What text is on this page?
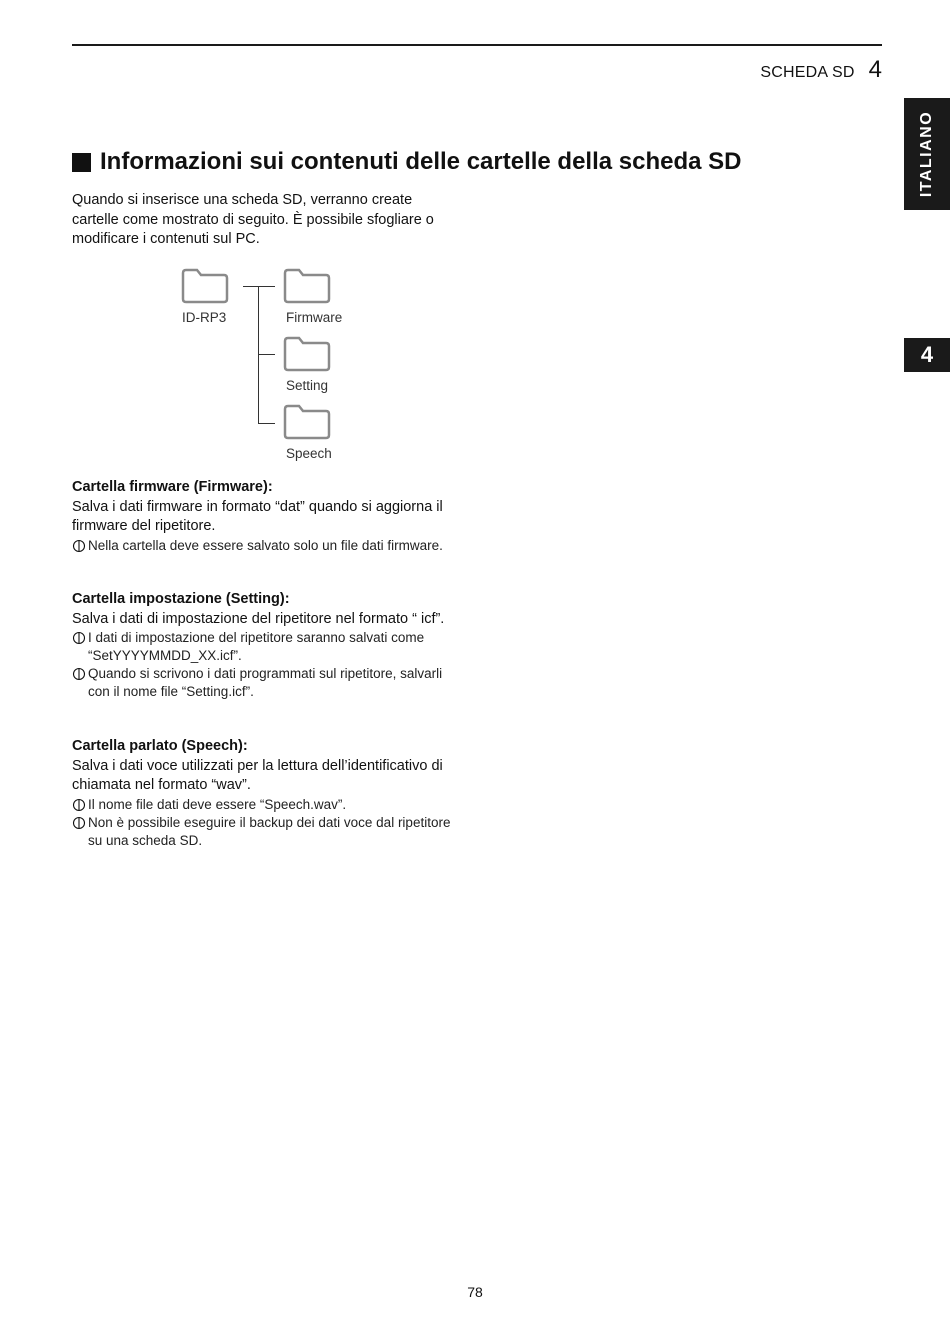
SCHEDA SD 4
ITALIANO
4
Informazioni sui contenuti delle cartelle della scheda SD

Quando si inserisce una scheda SD, verranno create cartelle come mostrato di seguito. È possibile sfogliare o modificare i contenuti sul PC.

ID-RP3	Firmware
Setting
Speech

Cartella firmware (Firmware):

Salva i dati firmware in formato “dat” quando si aggiorna il firmware del ripetitore.

Nella cartella deve essere salvato solo un file dati firmware.

Cartella impostazione (Setting):

Salva i dati di impostazione del ripetitore nel formato “ icf”.

I dati di impostazione del ripetitore saranno salvati come “SetYYYYMMDD_XX.icf”.
Quando si scrivono i dati programmati sul ripetitore, salvarli con il nome file “Setting.icf”.

Cartella parlato (Speech):

Salva i dati voce utilizzati per la lettura dell’identificativo di chiamata nel formato “wav”.

Il nome file dati deve essere “Speech.wav”.
Non è possibile eseguire il backup dei dati voce dal ripetitore su una scheda SD.
78
